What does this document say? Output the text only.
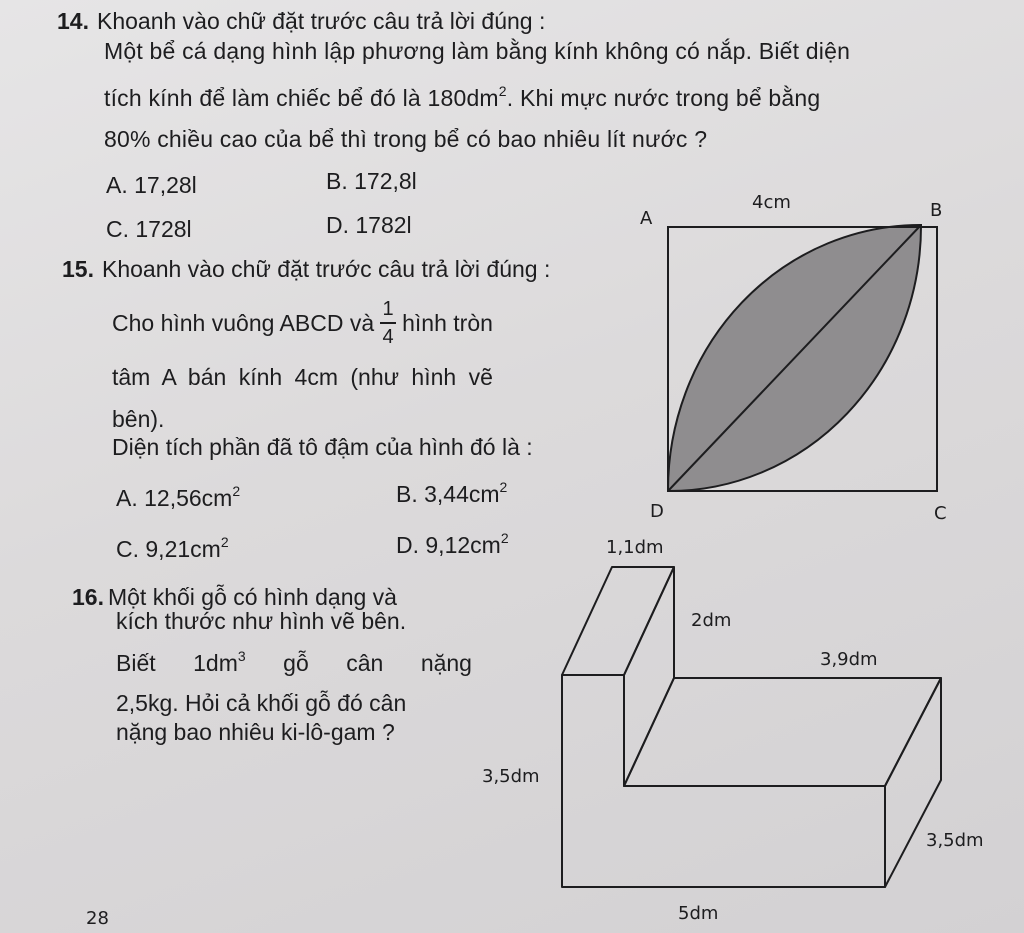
14. Khoanh vào chữ đặt trước câu trả lời đúng :
Một bể cá dạng hình lập phương làm bằng kính không có nắp. Biết diện
tích kính để làm chiếc bể đó là $180dm^2$. Khi mực nước trong bể bằng
80% chiều cao của bể thì trong bể có bao nhiêu lít nước ?
A. 17,28l	B. 172,8l
C. 1728l	D. 1782l
15. Khoanh vào chữ đặt trước câu trả lời đúng :
Cho hình vuông ABCD và $\frac{1}{4}$ hình tròn
tâm A bán kính 4cm (như hình vẽ
bên).
Diện tích phần đã tô đậm của hình đó là :
A. $12,56cm^2$	B. $3,44cm^2$
C. $9,21cm^2$	D. $9,12cm^2$
A	B
C
D
4cm
16. Một khối gỗ có hình dạng và
kích thước như hình vẽ bên.
Biết $1dm^3$ gỗ cân nặng
2,5kg. Hỏi cả khối gỗ đó cân
nặng bao nhiêu ki-lô-gam ?
1,1dm
2dm
3,9dm
3,5dm
3,5dm
5dm
28
